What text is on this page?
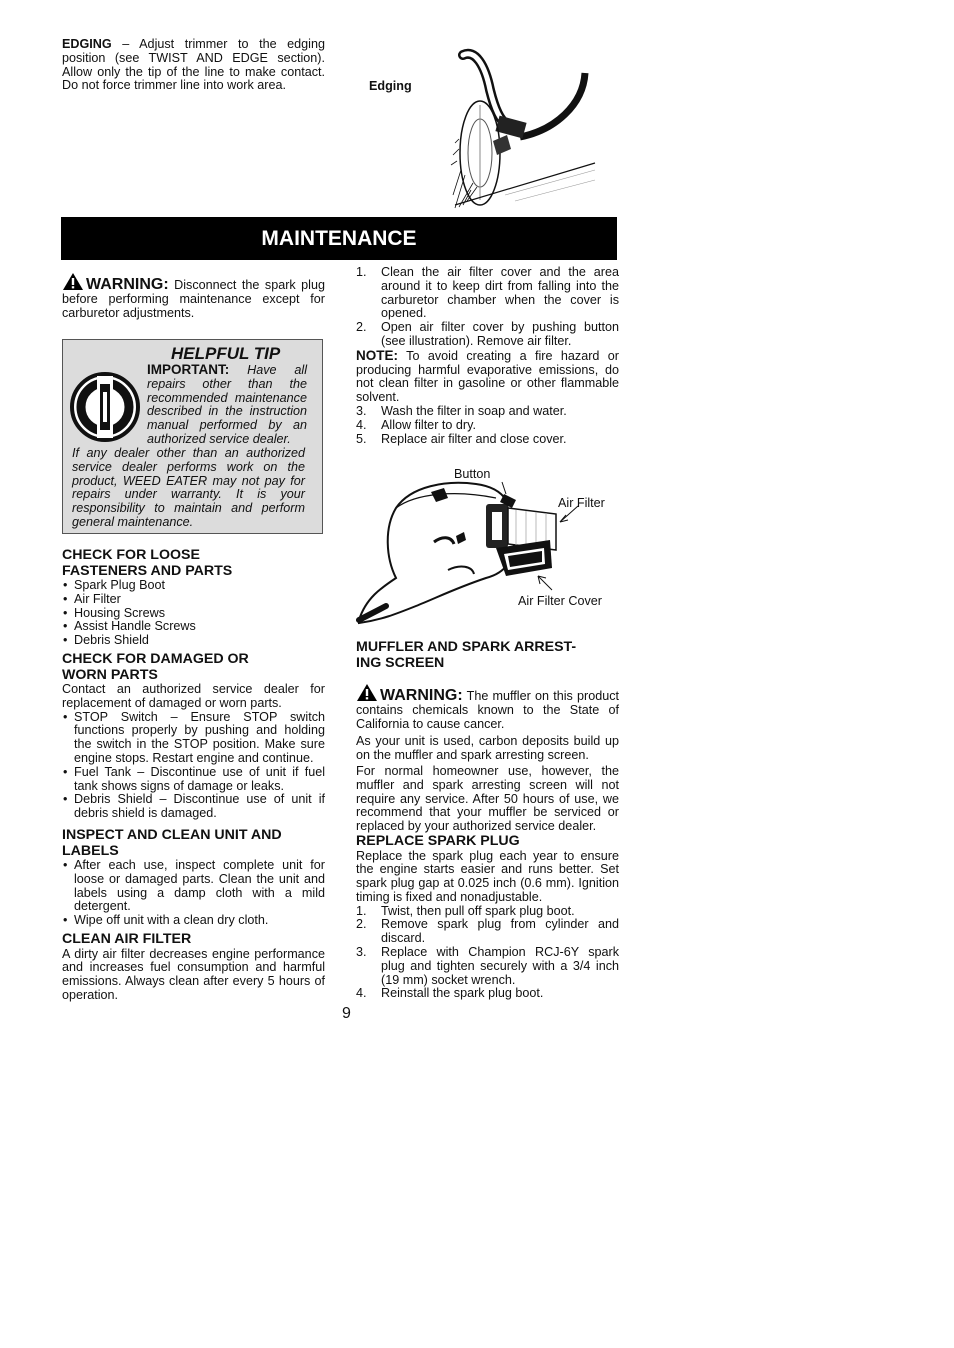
EDGING – Adjust trimmer to the edging position (see TWIST AND EDGE section). Allow only the tip of the line to make contact. Do not force trimmer line into work area.	Edging
MAINTENANCE
WARNING: Disconnect the spark plug before performing maintenance except for carburetor adjustments.
HELPFUL TIP
IMPORTANT: Have all repairs other than the recommended maintenance described in the instruction manual performed by an authorized service dealer.
If any dealer other than an authorized service dealer performs work on the product, WEED EATER may not pay for repairs under warranty. It is your responsibility to maintain and perform general maintenance.

CHECK FOR LOOSE

FASTENERS AND PARTS

• Spark Plug Boot
• Air Filter
• Housing Screws
• Assist Handle Screws
• Debris Shield

CHECK FOR DAMAGED OR

WORN PARTS

Contact an authorized service dealer for replacement of damaged or worn parts.
• STOP Switch – Ensure STOP switch functions properly by pushing and holding the switch in the STOP position. Make sure engine stops. Restart engine and continue.
• Fuel Tank – Discontinue use of unit if fuel tank shows signs of damage or leaks.
• Debris Shield – Discontinue use of unit if debris shield is damaged.

INSPECT AND CLEAN UNIT AND

LABELS

• After each use, inspect complete unit for loose or damaged parts. Clean the unit and labels using a damp cloth with a mild detergent.
• Wipe off unit with a clean dry cloth.

CLEAN AIR FILTER

A dirty air filter decreases engine performance and increases fuel consumption and harmful emissions. Always clean after every 5 hours of operation.
1. Clean the air filter cover and the area around it to keep dirt from falling into the carburetor chamber when the cover is opened.
2. Open air filter cover by pushing button (see illustration). Remove air filter.
NOTE: To avoid creating a fire hazard or producing harmful evaporative emissions, do not clean filter in gasoline or other flammable solvent.
3. Wash the filter in soap and water.
4. Allow filter to dry.
5. Replace air filter and close cover.
Button
Air Filter
Air Filter Cover

MUFFLER AND SPARK ARREST-

ING SCREEN

WARNING: The muffler on this product contains chemicals known to the State of California to cause cancer.
As your unit is used, carbon deposits build up on the muffler and spark arresting screen.
For normal homeowner use, however, the muffler and spark arresting screen will not require any service. After 50 hours of use, we recommend that your muffler be serviced or replaced by your authorized service dealer.

REPLACE SPARK PLUG

Replace the spark plug each year to ensure the engine starts easier and runs better. Set spark plug gap at 0.025 inch (0.6 mm). Ignition timing is fixed and nonadjustable.
1. Twist, then pull off spark plug boot.
2. Remove spark plug from cylinder and discard.
3. Replace with Champion RCJ-6Y spark plug and tighten securely with a 3/4 inch (19 mm) socket wrench.
4. Reinstall the spark plug boot.
9
